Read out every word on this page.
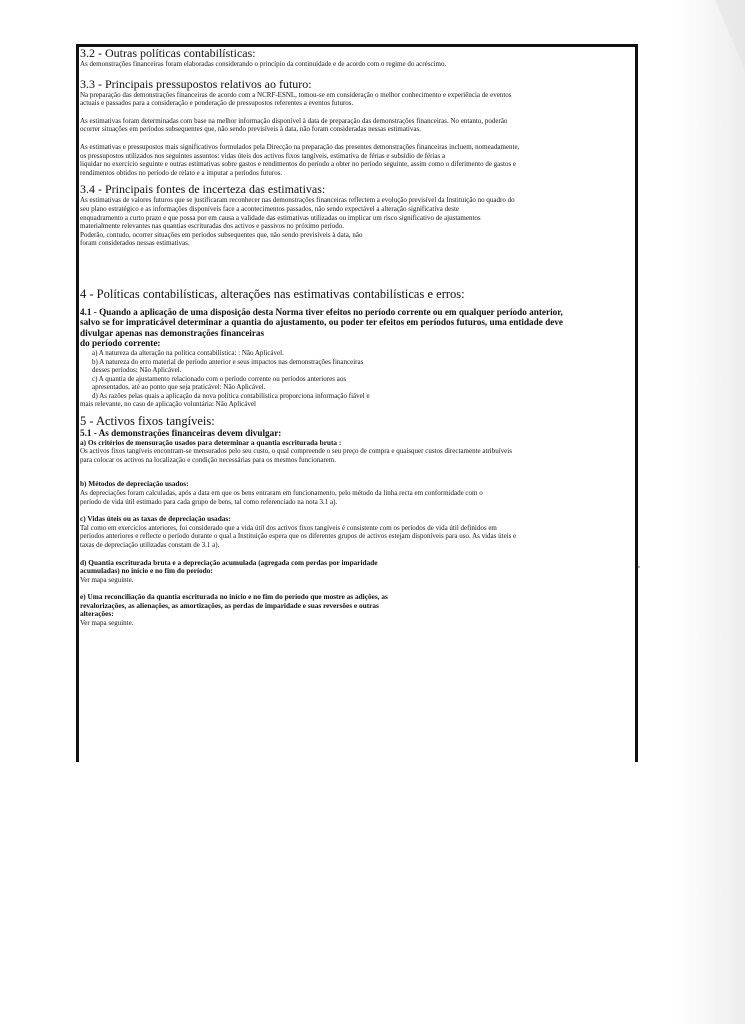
3.2 - Outras políticas contabilísticas:

As demonstrações financeiras foram elaboradas considerando o princípio da continuidade e de acordo com o regime do acréscimo.

3.3 - Principais pressupostos relativos ao futuro:

Na preparação das demonstrações financeiras de acordo com a NCRF-ESNL, tomou-se em consideração o melhor conhecimento e experiência de eventos

actuais e passados para a consideração e ponderação de pressupostos referentes a eventos futuros.

As estimativas foram determinadas com base na melhor informação disponível à data de preparação das demonstrações financeiras. No entanto, poderão

ocorrer situações em períodos subsequentes que, não sendo previsíveis à data, não foram consideradas nessas estimativas.

As estimativas e pressupostos mais significativos formulados pela Direcção na preparação das presentes demonstrações financeiras incluem, nomeadamente,

os pressupostos utilizados nos seguintes assuntos: vidas úteis dos activos fixos tangíveis, estimativa de férias e subsídio de férias a

liquidar no exercício seguinte e outras estimativas sobre gastos e rendimentos do período a obter no período seguinte, assim como o diferimento de gastos e

rendimentos obtidos no período de relato e a imputar a períodos futuros.

3.4 - Principais fontes de incerteza das estimativas:

As estimativas de valores futuros que se justificaram reconhecer nas demonstrações financeiras reflectem a evolução previsível da Instituição no quadro do

seu plano estratégico e as informações disponíveis face a acontecimentos passados, não sendo expectável a alteração significativa deste

enquadramento a curto prazo e que possa por em causa a validade das estimativas utilizadas ou implicar um risco significativo de ajustamentos

materialmente relevantes nas quantias escrituradas dos activos e passivos no próximo período.

Poderão, contudo, ocorrer situações em períodos subsequentes que, não sendo previsíveis à data, não

foram considerados nessas estimativas.

4 - Políticas contabilísticas, alterações nas estimativas contabilísticas e erros:

4.1 - Quando a aplicação de uma disposição desta Norma tiver efeitos no período corrente ou em qualquer período anterior,

salvo se for impraticável determinar a quantia do ajustamento, ou poder ter efeitos em períodos futuros, uma entidade deve

divulgar apenas nas demonstrações financeiras

do período corrente:

a) A natureza da alteração na política contabilística: : Não Aplicável.

b) A natureza do erro material de período anterior e seus impactos nas demonstrações financeiras

desses períodos: Não Aplicável.

c) A quantia de ajustamento relacionado com o período corrente ou períodos anteriores aos

apresentados, até ao ponto que seja praticável: Não Aplicável.

d) As razões pelas quais a aplicação da nova política contabilística proporciona informação fiável e

mais relevante, no caso de aplicação voluntária: Não Aplicável

5 - Activos fixos tangíveis:

5.1 - As demonstrações financeiras devem divulgar:

a) Os critérios de mensuração usados para determinar a quantia escriturada bruta :

Os activos fixos tangíveis encontram-se mensurados pelo seu custo, o qual compreende o seu preço de compra e quaisquer custos directamente atribuíveis

para colocar os activos na localização e condição necessárias para os mesmos funcionarem.

b) Métodos de depreciação usados:

As depreciações foram calculadas, após a data em que os bens entraram em funcionamento, pelo método da linha recta em conformidade com o

período de vida útil estimado para cada grupo de bens, tal como referenciado na nota 3.1 a).

c) Vidas úteis ou as taxas de depreciação usadas:

Tal como em exercícios anteriores, foi considerado que a vida útil dos activos fixos tangíveis é consistente com os períodos de vida útil definidos em

períodos anteriores e reflecte o período durante o qual a Instituição espera que os diferentes grupos de activos estejam disponíveis para uso. As vidas úteis e

taxas de depreciação utilizadas constam de 3.1 a).

d) Quantia escriturada bruta e a depreciação acumulada (agregada com perdas por imparidade

acumuladas) no início e no fim do período:

Ver mapa seguinte.

e) Uma reconciliação da quantia escriturada no início e no fim do período que mostre as adições, as

revalorizações, as alienações, as amortizações, as perdas de imparidade e suas reversões e outras

alterações:

Ver mapa seguinte.
